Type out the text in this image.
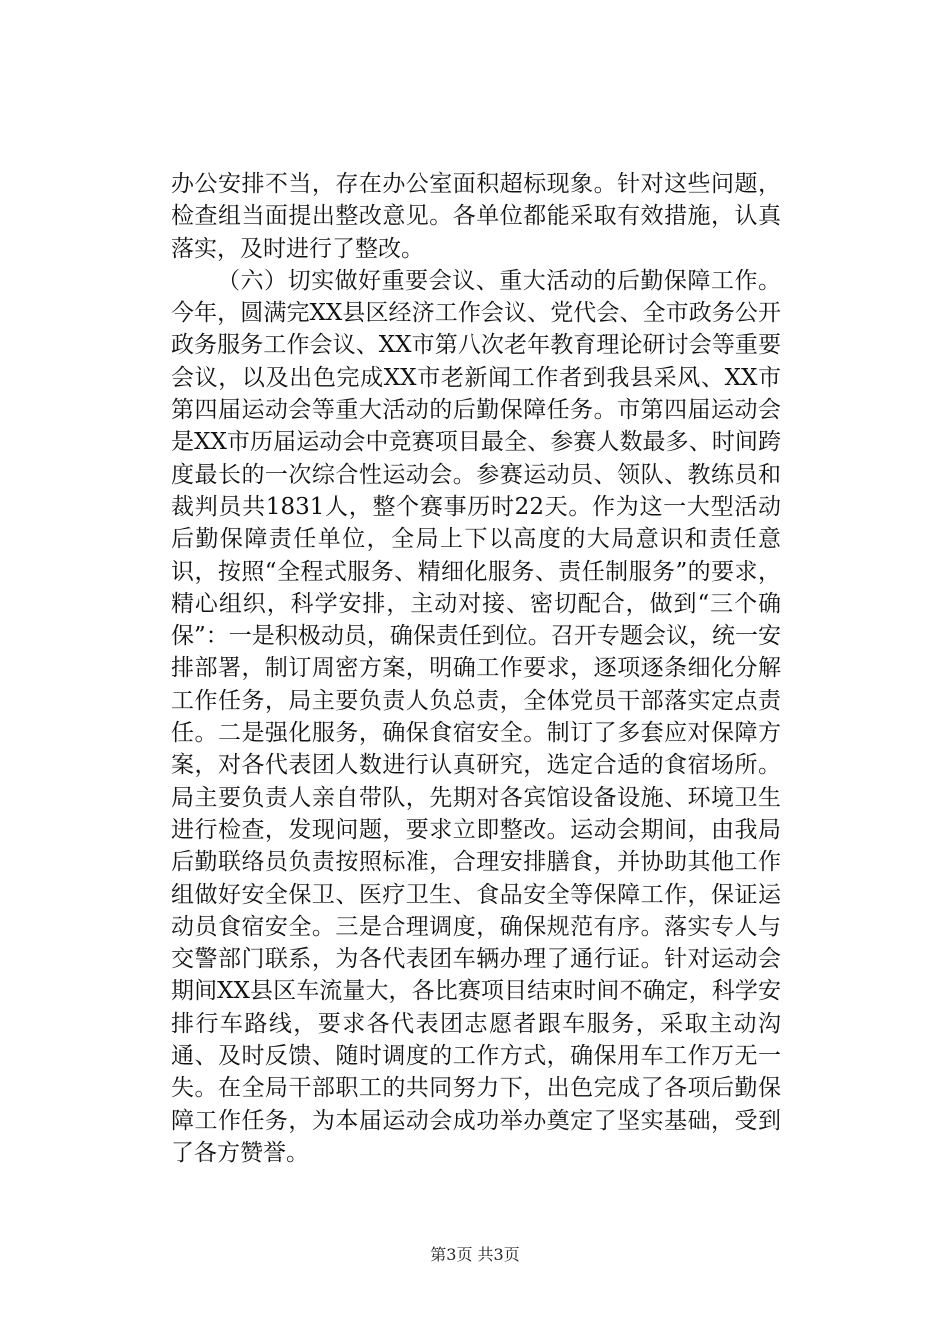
办公安排不当，存在办公室面积超标现象。针对这些问题，检查组当面提出整改意见。各单位都能采取有效措施，认真落实，及时进行了整改。

（六）切实做好重要会议、重大活动的后勤保障工作。今年，圆满完XX县区经济工作会议、党代会、全市政务公开政务服务工作会议、XX市第八次老年教育理论研讨会等重要会议，以及出色完成XX市老新闻工作者到我县采风、XX市第四届运动会等重大活动的后勤保障任务。市第四届运动会是XX市历届运动会中竞赛项目最全、参赛人数最多、时间跨度最长的一次综合性运动会。参赛运动员、领队、教练员和裁判员共1831人，整个赛事历时22天。作为这一大型活动后勤保障责任单位，全局上下以高度的大局意识和责任意识，按照“全程式服务、精细化服务、责任制服务”的要求，精心组织，科学安排，主动对接、密切配合，做到“三个确保”：一是积极动员，确保责任到位。召开专题会议，统一安排部署，制订周密方案，明确工作要求，逐项逐条细化分解工作任务，局主要负责人负总责，全体党员干部落实定点责任。二是强化服务，确保食宿安全。制订了多套应对保障方案，对各代表团人数进行认真研究，选定合适的食宿场所。局主要负责人亲自带队，先期对各宾馆设备设施、环境卫生进行检查，发现问题，要求立即整改。运动会期间，由我局后勤联络员负责按照标准，合理安排膳食，并协助其他工作组做好安全保卫、医疗卫生、食品安全等保障工作，保证运动员食宿安全。三是合理调度，确保规范有序。落实专人与交警部门联系，为各代表团车辆办理了通行证。针对运动会期间XX县区车流量大，各比赛项目结束时间不确定，科学安排行车路线，要求各代表团志愿者跟车服务，采取主动沟通、及时反馈、随时调度的工作方式，确保用车工作万无一失。在全局干部职工的共同努力下，出色完成了各项后勤保障工作任务，为本届运动会成功举办奠定了坚实基础，受到了各方赞誉。

第3页 共3页
